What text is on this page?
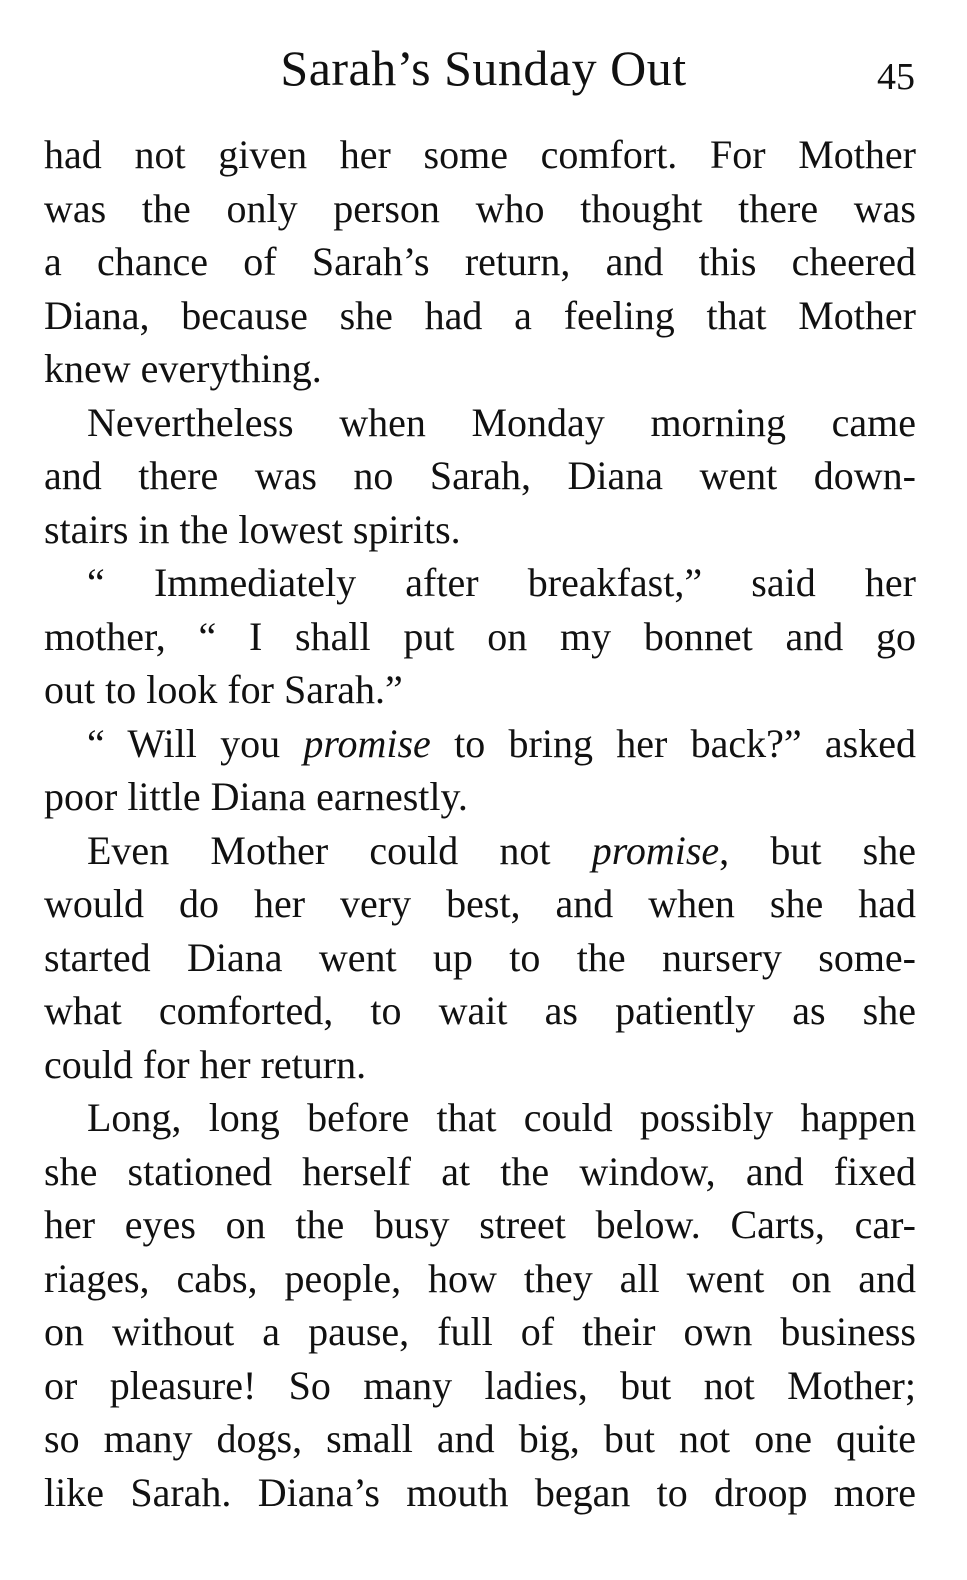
Sarah’s Sunday Out	45
had not given her some comfort. For Mother
was the only person who thought there was
a chance of Sarah’s return, and this cheered
Diana, because she had a feeling that Mother
knew everything.
Nevertheless when Monday morning came
and there was no Sarah, Diana went down-
stairs in the lowest spirits.
“ Immediately after breakfast,” said her
mother, “ I shall put on my bonnet and go
out to look for Sarah.”
“ Will you promise to bring her back?” asked
poor little Diana earnestly.
Even Mother could not promise, but she
would do her very best, and when she had
started Diana went up to the nursery some-
what comforted, to wait as patiently as she
could for her return.
Long, long before that could possibly happen
she stationed herself at the window, and fixed
her eyes on the busy street below. Carts, car-
riages, cabs, people, how they all went on and
on without a pause, full of their own business
or pleasure! So many ladies, but not Mother;
so many dogs, small and big, but not one quite
like Sarah. Diana’s mouth began to droop more
